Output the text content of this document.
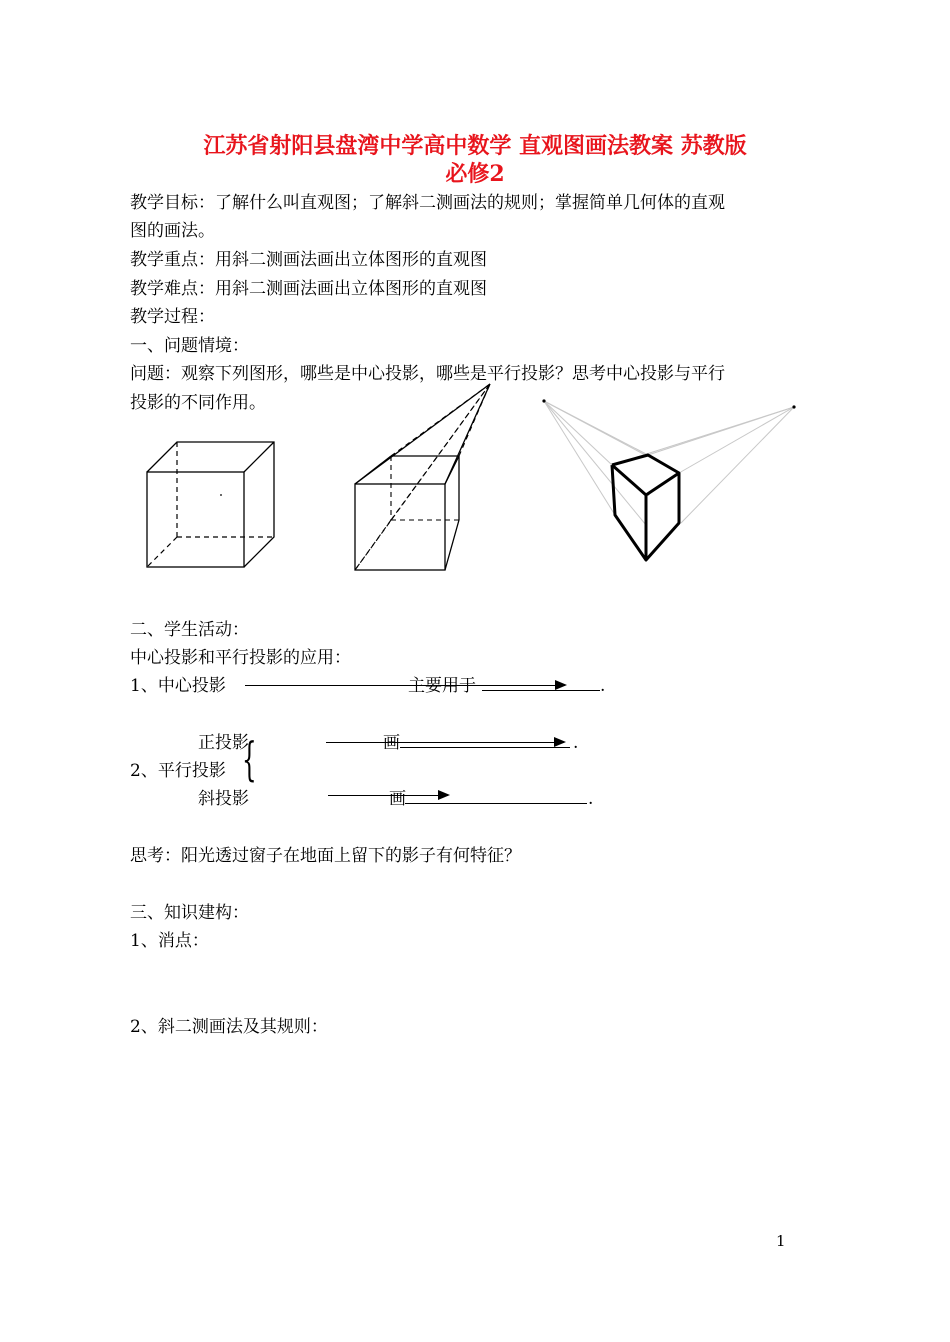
江苏省射阳县盘湾中学高中数学 直观图画法教案 苏教版
必修2
教学目标：了解什么叫直观图；了解斜二测画法的规则；掌握简单几何体的直观
图的画法。
教学重点：用斜二测画法画出立体图形的直观图
教学难点：用斜二测画法画出立体图形的直观图
教学过程：
一、问题情境：
问题：观察下列图形，哪些是中心投影，哪些是平行投影？思考中心投影与平行
投影的不同作用。
二、学生活动：
中心投影和平行投影的应用：
1、中心投影	主要用于	.
正投影
{	画	.
2、平行投影
斜投影	画	.
思考：阳光透过窗子在地面上留下的影子有何特征？
三、知识建构：
1、消点：
2、斜二测画法及其规则：
1
